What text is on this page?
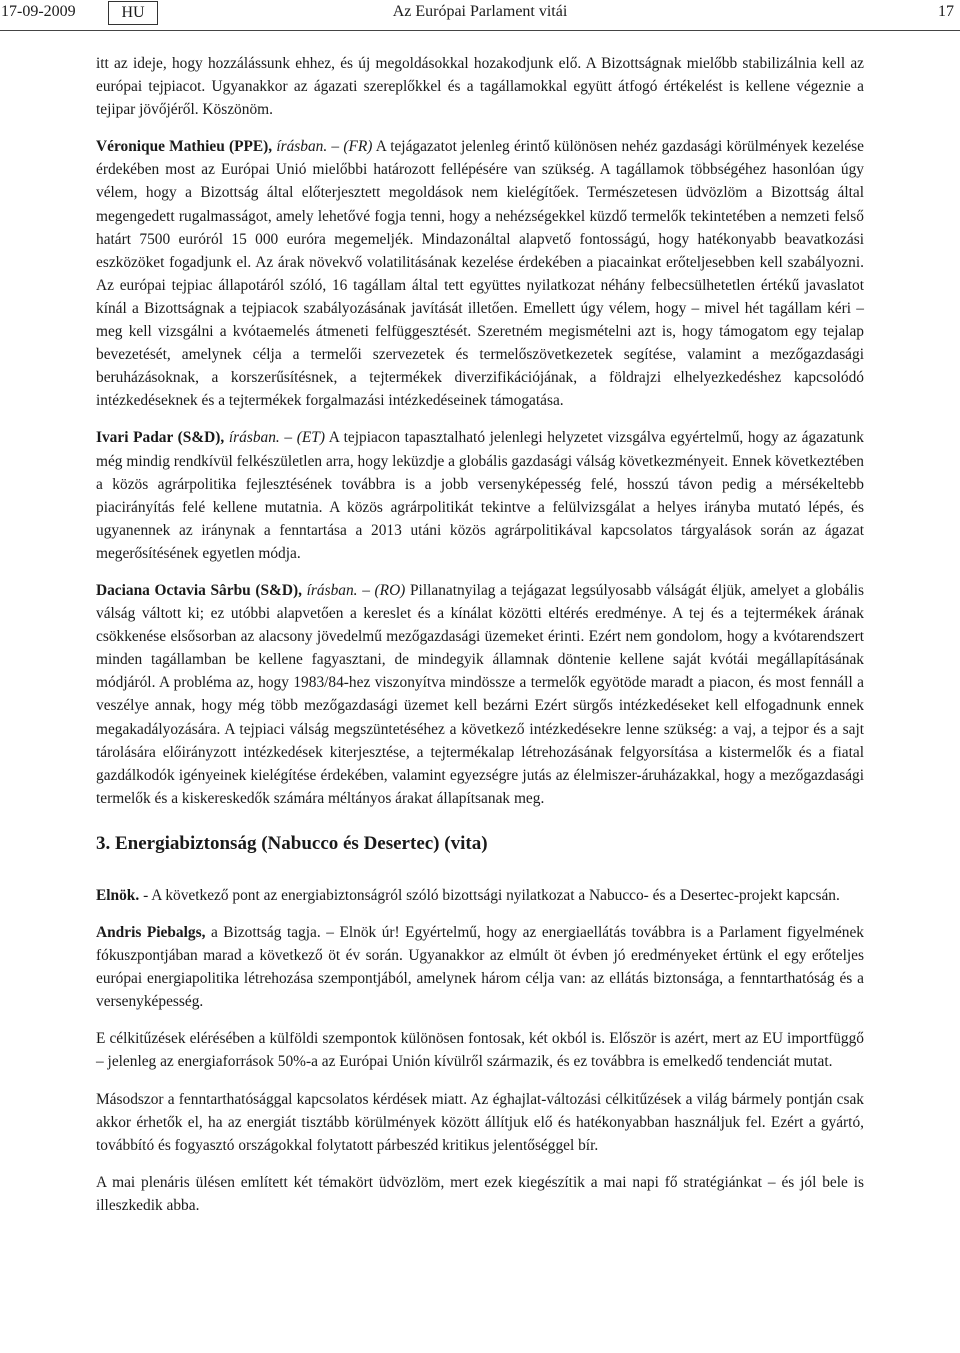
17-09-2009	HU	Az Európai Parlament vitái	17

itt az ideje, hogy hozzálássunk ehhez, és új megoldásokkal hozakodjunk elő. A Bizottságnak mielőbb stabilizálnia kell az európai tejpiacot. Ugyanakkor az ágazati szereplőkkel és a tagállamokkal együtt átfogó értékelést is kellene végeznie a tejipar jövőjéről. Köszönöm.

Véronique Mathieu (PPE), írásban. – (FR) A tejágazatot jelenleg érintő különösen nehéz gazdasági körülmények kezelése érdekében most az Európai Unió mielőbbi határozott fellépésére van szükség. A tagállamok többségéhez hasonlóan úgy vélem, hogy a Bizottság által előterjesztett megoldások nem kielégítőek. Természetesen üdvözlöm a Bizottság által megengedett rugalmasságot, amely lehetővé fogja tenni, hogy a nehézségekkel küzdő termelők tekintetében a nemzeti felső határt 7500 euróról 15 000 euróra megemeljék. Mindazonáltal alapvető fontosságú, hogy hatékonyabb beavatkozási eszközöket fogadjunk el. Az árak növekvő volatilitásának kezelése érdekében a piacainkat erőteljesebben kell szabályozni. Az európai tejpiac állapotáról szóló, 16 tagállam által tett együttes nyilatkozat néhány felbecsülhetetlen értékű javaslatot kínál a Bizottságnak a tejpiacok szabályozásának javítását illetően. Emellett úgy vélem, hogy – mivel hét tagállam kéri – meg kell vizsgálni a kvótaemelés átmeneti felfüggesztését. Szeretném megismételni azt is, hogy támogatom egy tejalap bevezetését, amelynek célja a termelői szervezetek és termelőszövetkezetek segítése, valamint a mezőgazdasági beruházásoknak, a korszerűsítésnek, a tejtermékek diverzifikációjának, a földrajzi elhelyezkedéshez kapcsolódó intézkedéseknek és a tejtermékek forgalmazási intézkedéseinek támogatása.

Ivari Padar (S&D), írásban. – (ET) A tejpiacon tapasztalható jelenlegi helyzetet vizsgálva egyértelmű, hogy az ágazatunk még mindig rendkívül felkészületlen arra, hogy leküzdje a globális gazdasági válság következményeit. Ennek következtében a közös agrárpolitika fejlesztésének továbbra is a jobb versenyképesség felé, hosszú távon pedig a mérsékeltebb piacirányítás felé kellene mutatnia. A közös agrárpolitikát tekintve a felülvizsgálat a helyes irányba mutató lépés, és ugyanennek az iránynak a fenntartása a 2013 utáni közös agrárpolitikával kapcsolatos tárgyalások során az ágazat megerősítésének egyetlen módja.

Daciana Octavia Sârbu (S&D), írásban. – (RO) Pillanatnyilag a tejágazat legsúlyosabb válságát éljük, amelyet a globális válság váltott ki; ez utóbbi alapvetően a kereslet és a kínálat közötti eltérés eredménye. A tej és a tejtermékek árának csökkenése elsősorban az alacsony jövedelmű mezőgazdasági üzemeket érinti. Ezért nem gondolom, hogy a kvótarendszert minden tagállamban be kellene fagyasztani, de mindegyik államnak döntenie kellene saját kvótái megállapításának módjáról. A probléma az, hogy 1983/84-hez viszonyítva mindössze a termelők egyötöde maradt a piacon, és most fennáll a veszélye annak, hogy még több mezőgazdasági üzemet kell bezárni Ezért sürgős intézkedéseket kell elfogadnunk ennek megakadályozására. A tejpiaci válság megszüntetéséhez a következő intézkedésekre lenne szükség: a vaj, a tejpor és a sajt tárolására előirányzott intézkedések kiterjesztése, a tejtermékalap létrehozásának felgyorsítása a kistermelők és a fiatal gazdálkodók igényeinek kielégítése érdekében, valamint egyezségre jutás az élelmiszer-áruházakkal, hogy a mezőgazdasági termelők és a kiskereskedők számára méltányos árakat állapítsanak meg.

3. Energiabiztonság (Nabucco és Desertec) (vita)

Elnök. - A következő pont az energiabiztonságról szóló bizottsági nyilatkozat a Nabucco- és a Desertec-projekt kapcsán.

Andris Piebalgs, a Bizottság tagja. – Elnök úr! Egyértelmű, hogy az energiaellátás továbbra is a Parlament figyelmének fókuszpontjában marad a következő öt év során. Ugyanakkor az elmúlt öt évben jó eredményeket értünk el egy erőteljes európai energiapolitika létrehozása szempontjából, amelynek három célja van: az ellátás biztonsága, a fenntarthatóság és a versenyképesség.

E célkitűzések elérésében a külföldi szempontok különösen fontosak, két okból is. Először is azért, mert az EU importfüggő – jelenleg az energiaforrások 50%-a az Európai Unión kívülről származik, és ez továbbra is emelkedő tendenciát mutat.

Másodszor a fenntarthatósággal kapcsolatos kérdések miatt. Az éghajlat-változási célkitűzések a világ bármely pontján csak akkor érhetők el, ha az energiát tisztább körülmények között állítjuk elő és hatékonyabban használjuk fel. Ezért a gyártó, továbbító és fogyasztó országokkal folytatott párbeszéd kritikus jelentőséggel bír.

A mai plenáris ülésen említett két témakört üdvözlöm, mert ezek kiegészítik a mai napi fő stratégiánkat – és jól bele is illeszkedik abba.
